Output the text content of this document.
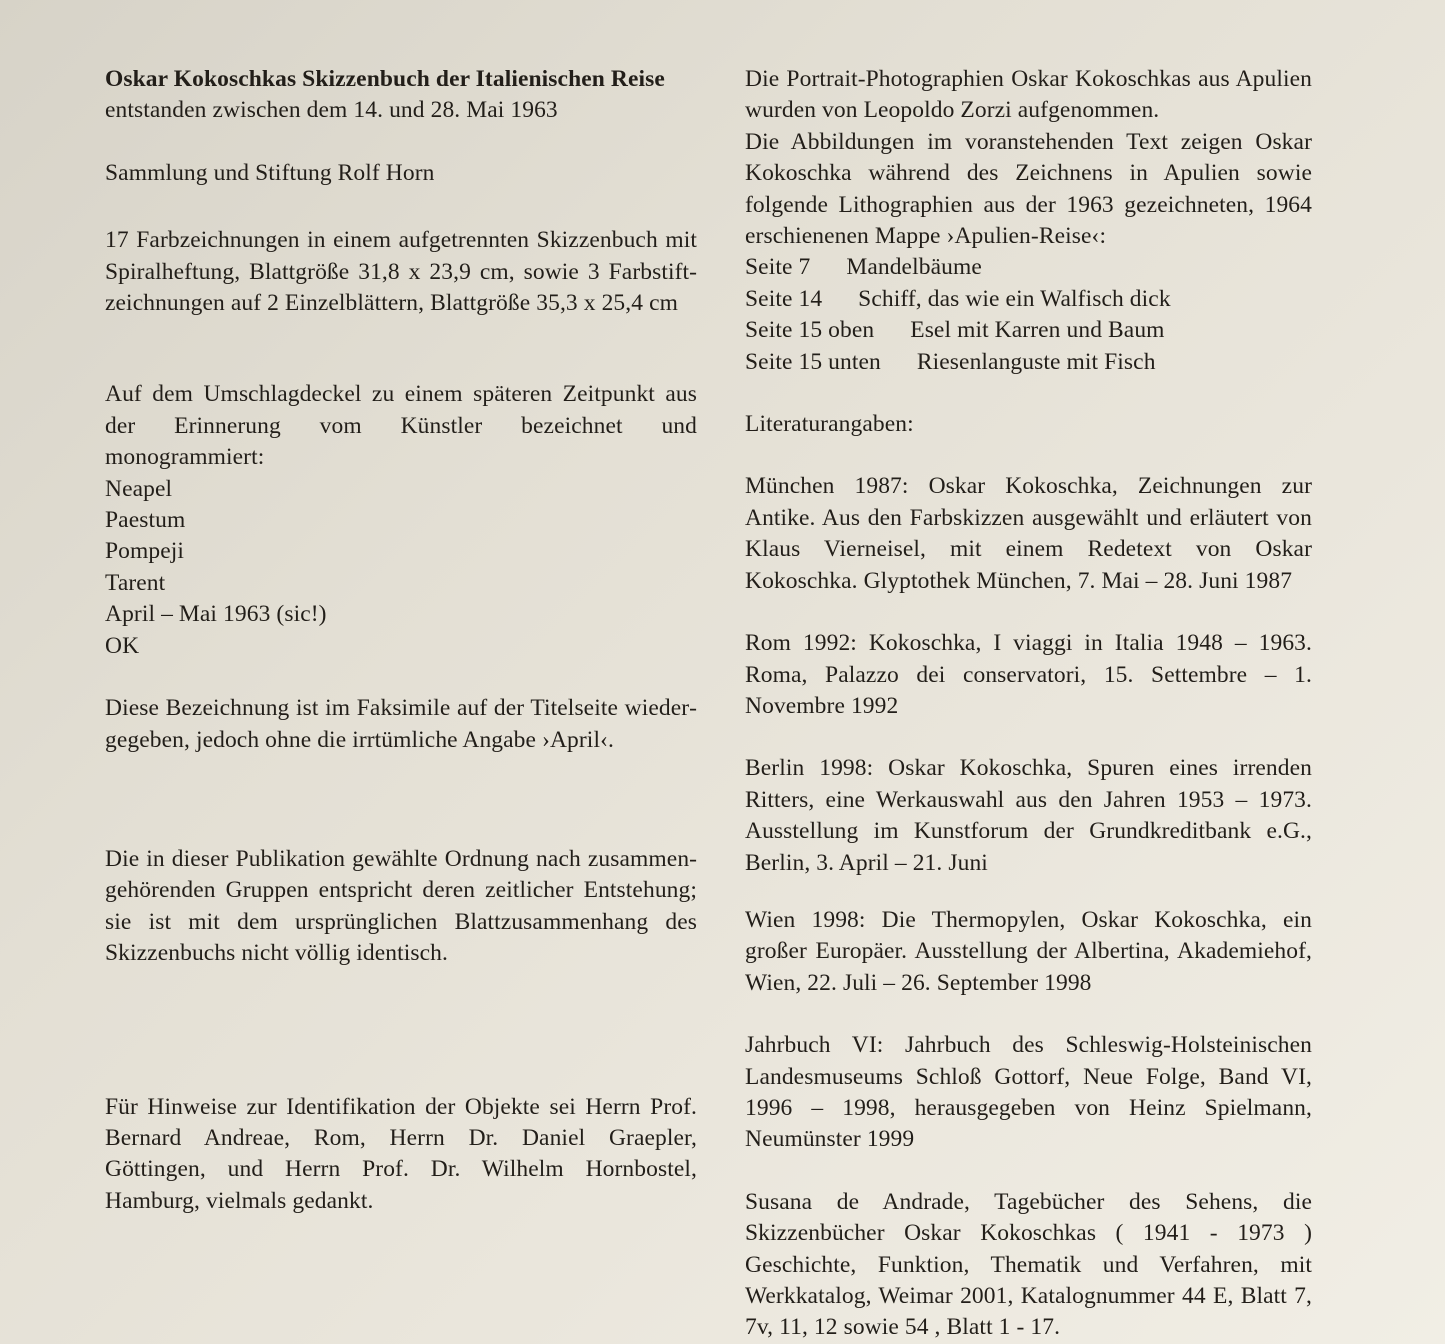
Oskar Kokoschkas Skizzenbuch der Italienischen Reise

entstanden zwischen dem 14. und 28. Mai 1963

Sammlung und Stiftung Rolf Horn

17 Farbzeichnungen in einem aufgetrennten Skizzenbuch mit Spiralheftung, Blattgröße 31,8 x 23,9 cm, sowie 3 Farbstiftzeichnungen auf 2 Einzelblättern, Blattgröße 35,3 x 25,4 cm

Auf dem Umschlagdeckel zu einem späteren Zeitpunkt aus der Erinnerung vom Künstler bezeichnet und monogrammiert:

Neapel
Paestum
Pompeji
Tarent
April – Mai 1963 (sic!)
OK

Diese Bezeichnung ist im Faksimile auf der Titelseite wiedergegeben, jedoch ohne die irrtümliche Angabe ›April‹.

Die in dieser Publikation gewählte Ordnung nach zusammengehörenden Gruppen entspricht deren zeitlicher Entstehung; sie ist mit dem ursprünglichen Blattzusammenhang des Skizzenbuchs nicht völlig identisch.

Für Hinweise zur Identifikation der Objekte sei Herrn Prof. Bernard Andreae, Rom, Herrn Dr. Daniel Graepler, Göttingen, und Herrn Prof. Dr. Wilhelm Hornbostel, Hamburg, vielmals gedankt.

Die Portrait-Photographien Oskar Kokoschkas aus Apulien wurden von Leopoldo Zorzi aufgenommen.

Die Abbildungen im voranstehenden Text zeigen Oskar Kokoschka während des Zeichnens in Apulien sowie folgende Lithographien aus der 1963 gezeichneten, 1964 erschienenen Mappe ›Apulien-Reise‹:

Seite 7 Mandelbäume
Seite 14 Schiff, das wie ein Walfisch dick
Seite 15 oben Esel mit Karren und Baum
Seite 15 unten Riesenlanguste mit Fisch

Literaturangaben:

München 1987: Oskar Kokoschka, Zeichnungen zur Antike. Aus den Farbskizzen ausgewählt und erläutert von Klaus Vierneisel, mit einem Redetext von Oskar Kokoschka. Glyptothek München, 7. Mai – 28. Juni 1987

Rom 1992: Kokoschka, I viaggi in Italia 1948 – 1963. Roma, Palazzo dei conservatori, 15. Settembre – 1. Novembre 1992

Berlin 1998: Oskar Kokoschka, Spuren eines irrenden Ritters, eine Werkauswahl aus den Jahren 1953 – 1973. Ausstellung im Kunstforum der Grundkreditbank e.G., Berlin, 3. April – 21. Juni

Wien 1998: Die Thermopylen, Oskar Kokoschka, ein großer Europäer. Ausstellung der Albertina, Akademiehof, Wien, 22. Juli – 26. September 1998

Jahrbuch VI: Jahrbuch des Schleswig-Holsteinischen Landesmuseums Schloß Gottorf, Neue Folge, Band VI, 1996 – 1998, herausgegeben von Heinz Spielmann, Neumünster 1999

Susana de Andrade, Tagebücher des Sehens, die Skizzenbücher Oskar Kokoschkas ( 1941 - 1973 ) Geschichte, Funktion, Thematik und Verfahren, mit Werkkatalog, Weimar 2001, Katalognummer 44 E, Blatt 7, 7v, 11, 12 sowie 54 , Blatt 1 - 17.
